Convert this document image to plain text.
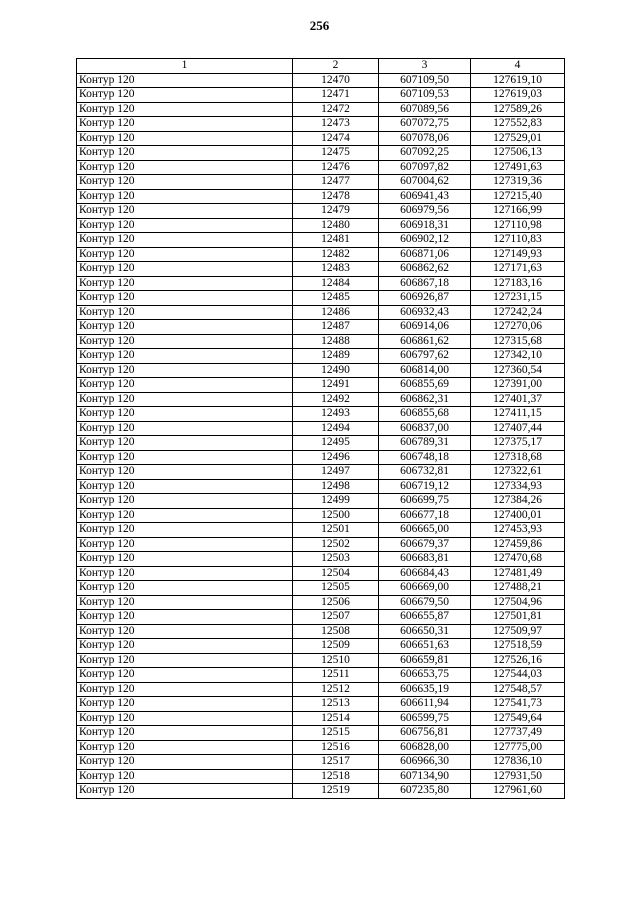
256
1	2	3	4
Контур 120	12470	607109,50	127619,10
Контур 120	12471	607109,53	127619,03
Контур 120	12472	607089,56	127589,26
Контур 120	12473	607072,75	127552,83
Контур 120	12474	607078,06	127529,01
Контур 120	12475	607092,25	127506,13
Контур 120	12476	607097,82	127491,63
Контур 120	12477	607004,62	127319,36
Контур 120	12478	606941,43	127215,40
Контур 120	12479	606979,56	127166,99
Контур 120	12480	606918,31	127110,98
Контур 120	12481	606902,12	127110,83
Контур 120	12482	606871,06	127149,93
Контур 120	12483	606862,62	127171,63
Контур 120	12484	606867,18	127183,16
Контур 120	12485	606926,87	127231,15
Контур 120	12486	606932,43	127242,24
Контур 120	12487	606914,06	127270,06
Контур 120	12488	606861,62	127315,68
Контур 120	12489	606797,62	127342,10
Контур 120	12490	606814,00	127360,54
Контур 120	12491	606855,69	127391,00
Контур 120	12492	606862,31	127401,37
Контур 120	12493	606855,68	127411,15
Контур 120	12494	606837,00	127407,44
Контур 120	12495	606789,31	127375,17
Контур 120	12496	606748,18	127318,68
Контур 120	12497	606732,81	127322,61
Контур 120	12498	606719,12	127334,93
Контур 120	12499	606699,75	127384,26
Контур 120	12500	606677,18	127400,01
Контур 120	12501	606665,00	127453,93
Контур 120	12502	606679,37	127459,86
Контур 120	12503	606683,81	127470,68
Контур 120	12504	606684,43	127481,49
Контур 120	12505	606669,00	127488,21
Контур 120	12506	606679,50	127504,96
Контур 120	12507	606655,87	127501,81
Контур 120	12508	606650,31	127509,97
Контур 120	12509	606651,63	127518,59
Контур 120	12510	606659,81	127526,16
Контур 120	12511	606653,75	127544,03
Контур 120	12512	606635,19	127548,57
Контур 120	12513	606611,94	127541,73
Контур 120	12514	606599,75	127549,64
Контур 120	12515	606756,81	127737,49
Контур 120	12516	606828,00	127775,00
Контур 120	12517	606966,30	127836,10
Контур 120	12518	607134,90	127931,50
Контур 120	12519	607235,80	127961,60
